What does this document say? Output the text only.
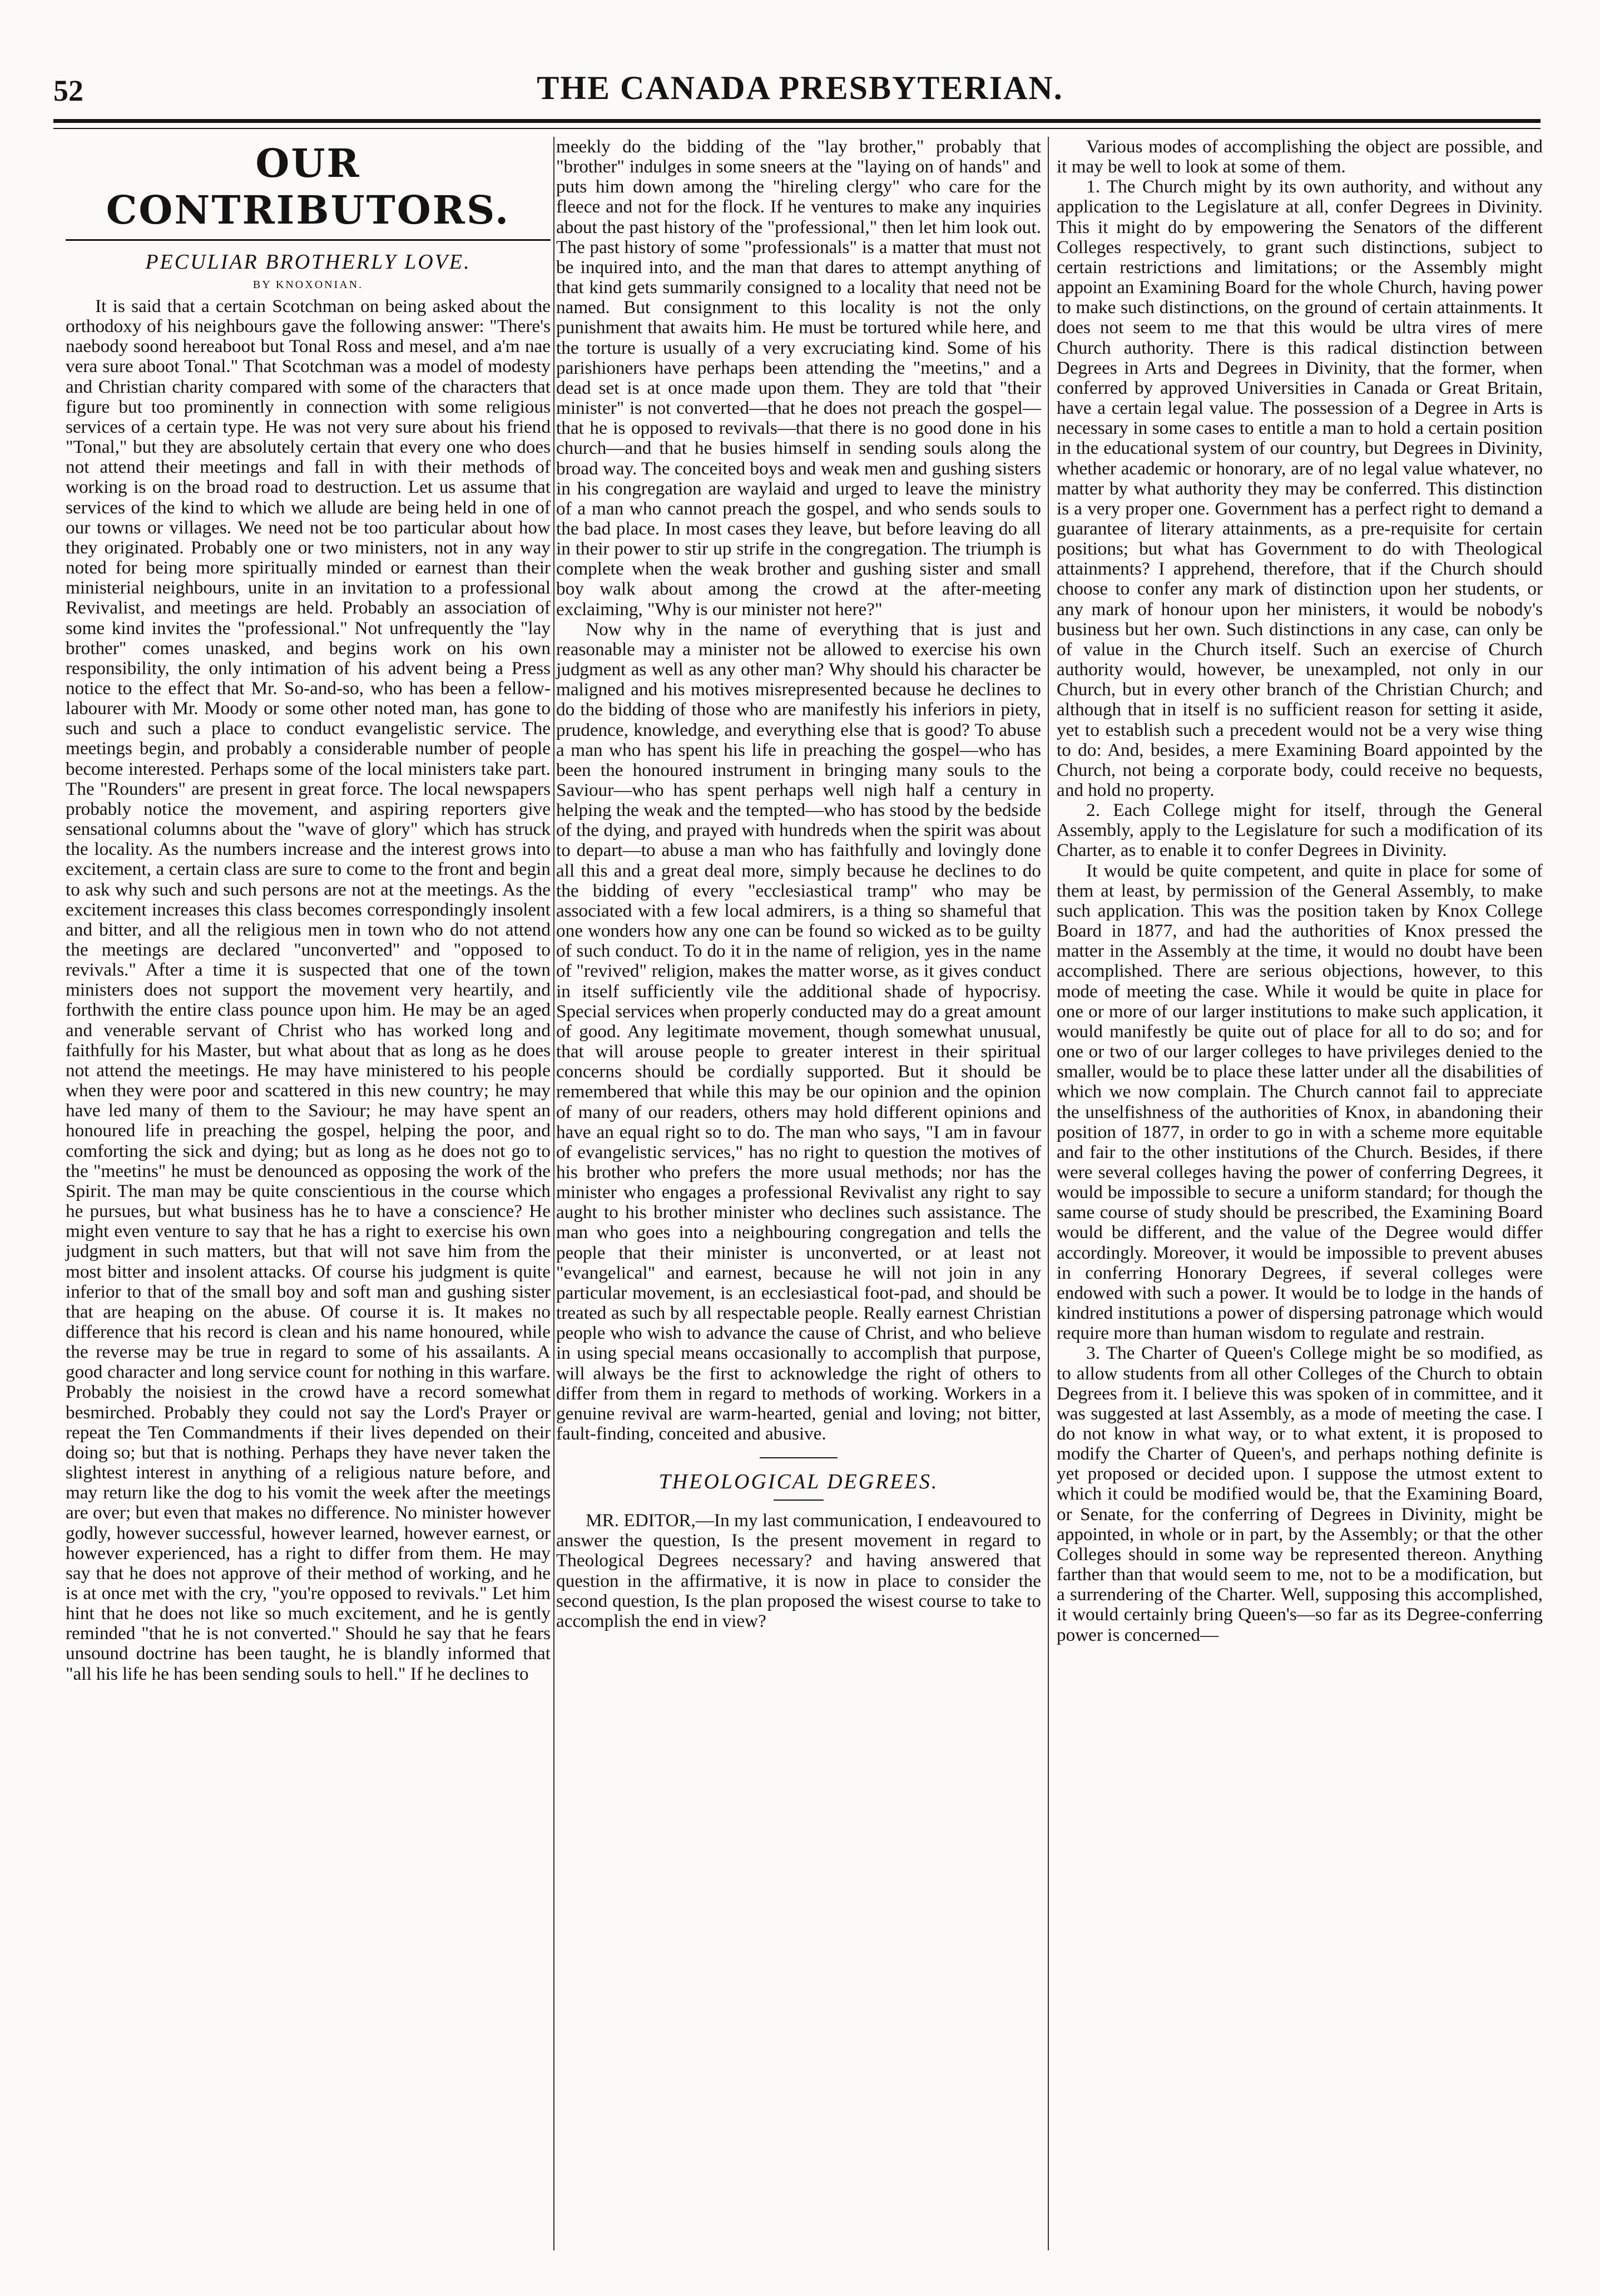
52	THE CANADA PRESBYTERIAN.
OUR CONTRIBUTORS.
PECULIAR BROTHERLY LOVE.
BY KNOXONIAN.

It is said that a certain Scotchman on being asked about the orthodoxy of his neighbours gave the following answer: "There's naebody soond hereaboot but Tonal Ross and mesel, and a'm nae vera sure aboot Tonal." That Scotchman was a model of modesty and Christian charity compared with some of the characters that figure but too prominently in connection with some religious services of a certain type. He was not very sure about his friend "Tonal," but they are absolutely certain that every one who does not attend their meetings and fall in with their methods of working is on the broad road to destruction. Let us assume that services of the kind to which we allude are being held in one of our towns or villages. We need not be too particular about how they originated. Probably one or two ministers, not in any way noted for being more spiritually minded or earnest than their ministerial neighbours, unite in an invitation to a professional Revivalist, and meetings are held. Probably an association of some kind invites the "professional." Not unfrequently the "lay brother" comes unasked, and begins work on his own responsibility, the only intimation of his advent being a Press notice to the effect that Mr. So-and-so, who has been a fellow-labourer with Mr. Moody or some other noted man, has gone to such and such a place to conduct evangelistic service. The meetings begin, and probably a considerable number of people become interested. Perhaps some of the local ministers take part. The "Rounders" are present in great force. The local newspapers probably notice the movement, and aspiring reporters give sensational columns about the "wave of glory" which has struck the locality. As the numbers increase and the interest grows into excitement, a certain class are sure to come to the front and begin to ask why such and such persons are not at the meetings. As the excitement increases this class becomes correspondingly insolent and bitter, and all the religious men in town who do not attend the meetings are declared "unconverted" and "opposed to revivals." After a time it is suspected that one of the town ministers does not support the movement very heartily, and forthwith the entire class pounce upon him. He may be an aged and venerable servant of Christ who has worked long and faithfully for his Master, but what about that as long as he does not attend the meetings. He may have ministered to his people when they were poor and scattered in this new country; he may have led many of them to the Saviour; he may have spent an honoured life in preaching the gospel, helping the poor, and comforting the sick and dying; but as long as he does not go to the "meetins" he must be denounced as opposing the work of the Spirit. The man may be quite conscientious in the course which he pursues, but what business has he to have a conscience? He might even venture to say that he has a right to exercise his own judgment in such matters, but that will not save him from the most bitter and insolent attacks. Of course his judgment is quite inferior to that of the small boy and soft man and gushing sister that are heaping on the abuse. Of course it is. It makes no difference that his record is clean and his name honoured, while the reverse may be true in regard to some of his assailants. A good character and long service count for nothing in this warfare. Probably the noisiest in the crowd have a record somewhat besmirched. Probably they could not say the Lord's Prayer or repeat the Ten Commandments if their lives depended on their doing so; but that is nothing. Perhaps they have never taken the slightest interest in anything of a religious nature before, and may return like the dog to his vomit the week after the meetings are over; but even that makes no difference. No minister however godly, however successful, however learned, however earnest, or however experienced, has a right to differ from them. He may say that he does not approve of their method of working, and he is at once met with the cry, "you're opposed to revivals." Let him hint that he does not like so much excitement, and he is gently reminded "that he is not converted." Should he say that he fears unsound doctrine has been taught, he is blandly informed that "all his life he has been sending souls to hell." If he declines to

meekly do the bidding of the "lay brother," probably that "brother" indulges in some sneers at the "laying on of hands" and puts him down among the "hireling clergy" who care for the fleece and not for the flock. If he ventures to make any inquiries about the past history of the "professional," then let him look out. The past history of some "professionals" is a matter that must not be inquired into, and the man that dares to attempt anything of that kind gets summarily consigned to a locality that need not be named. But consignment to this locality is not the only punishment that awaits him. He must be tortured while here, and the torture is usually of a very excruciating kind. Some of his parishioners have perhaps been attending the "meetins," and a dead set is at once made upon them. They are told that "their minister" is not converted—that he does not preach the gospel—that he is opposed to revivals—that there is no good done in his church—and that he busies himself in sending souls along the broad way. The conceited boys and weak men and gushing sisters in his congregation are waylaid and urged to leave the ministry of a man who cannot preach the gospel, and who sends souls to the bad place. In most cases they leave, but before leaving do all in their power to stir up strife in the congregation. The triumph is complete when the weak brother and gushing sister and small boy walk about among the crowd at the after-meeting exclaiming, "Why is our minister not here?"

Now why in the name of everything that is just and reasonable may a minister not be allowed to exercise his own judgment as well as any other man? Why should his character be maligned and his motives misrepresented because he declines to do the bidding of those who are manifestly his inferiors in piety, prudence, knowledge, and everything else that is good? To abuse a man who has spent his life in preaching the gospel—who has been the honoured instrument in bringing many souls to the Saviour—who has spent perhaps well nigh half a century in helping the weak and the tempted—who has stood by the bedside of the dying, and prayed with hundreds when the spirit was about to depart—to abuse a man who has faithfully and lovingly done all this and a great deal more, simply because he declines to do the bidding of every "ecclesiastical tramp" who may be associated with a few local admirers, is a thing so shameful that one wonders how any one can be found so wicked as to be guilty of such conduct. To do it in the name of religion, yes in the name of "revived" religion, makes the matter worse, as it gives conduct in itself sufficiently vile the additional shade of hypocrisy. Special services when properly conducted may do a great amount of good. Any legitimate movement, though somewhat unusual, that will arouse people to greater interest in their spiritual concerns should be cordially supported. But it should be remembered that while this may be our opinion and the opinion of many of our readers, others may hold different opinions and have an equal right so to do. The man who says, "I am in favour of evangelistic services," has no right to question the motives of his brother who prefers the more usual methods; nor has the minister who engages a professional Revivalist any right to say aught to his brother minister who declines such assistance. The man who goes into a neighbouring congregation and tells the people that their minister is unconverted, or at least not "evangelical" and earnest, because he will not join in any particular movement, is an ecclesiastical foot-pad, and should be treated as such by all respectable people. Really earnest Christian people who wish to advance the cause of Christ, and who believe in using special means occasionally to accomplish that purpose, will always be the first to acknowledge the right of others to differ from them in regard to methods of working. Workers in a genuine revival are warm-hearted, genial and loving; not bitter, fault-finding, conceited and abusive.

THEOLOGICAL DEGREES.

MR. EDITOR,—In my last communication, I endeavoured to answer the question, Is the present movement in regard to Theological Degrees necessary? and having answered that question in the affirmative, it is now in place to consider the second question, Is the plan proposed the wisest course to take to accomplish the end in view?

Various modes of accomplishing the object are possible, and it may be well to look at some of them.

1. The Church might by its own authority, and without any application to the Legislature at all, confer Degrees in Divinity. This it might do by empowering the Senators of the different Colleges respectively, to grant such distinctions, subject to certain restrictions and limitations; or the Assembly might appoint an Examining Board for the whole Church, having power to make such distinctions, on the ground of certain attainments. It does not seem to me that this would be ultra vires of mere Church authority. There is this radical distinction between Degrees in Arts and Degrees in Divinity, that the former, when conferred by approved Universities in Canada or Great Britain, have a certain legal value. The possession of a Degree in Arts is necessary in some cases to entitle a man to hold a certain position in the educational system of our country, but Degrees in Divinity, whether academic or honorary, are of no legal value whatever, no matter by what authority they may be conferred. This distinction is a very proper one. Government has a perfect right to demand a guarantee of literary attainments, as a pre-requisite for certain positions; but what has Government to do with Theological attainments? I apprehend, therefore, that if the Church should choose to confer any mark of distinction upon her students, or any mark of honour upon her ministers, it would be nobody's business but her own. Such distinctions in any case, can only be of value in the Church itself. Such an exercise of Church authority would, however, be unexampled, not only in our Church, but in every other branch of the Christian Church; and although that in itself is no sufficient reason for setting it aside, yet to establish such a precedent would not be a very wise thing to do: And, besides, a mere Examining Board appointed by the Church, not being a corporate body, could receive no bequests, and hold no property.

2. Each College might for itself, through the General Assembly, apply to the Legislature for such a modification of its Charter, as to enable it to confer Degrees in Divinity.

It would be quite competent, and quite in place for some of them at least, by permission of the General Assembly, to make such application. This was the position taken by Knox College Board in 1877, and had the authorities of Knox pressed the matter in the Assembly at the time, it would no doubt have been accomplished. There are serious objections, however, to this mode of meeting the case. While it would be quite in place for one or more of our larger institutions to make such application, it would manifestly be quite out of place for all to do so; and for one or two of our larger colleges to have privileges denied to the smaller, would be to place these latter under all the disabilities of which we now complain. The Church cannot fail to appreciate the unselfishness of the authorities of Knox, in abandoning their position of 1877, in order to go in with a scheme more equitable and fair to the other institutions of the Church. Besides, if there were several colleges having the power of conferring Degrees, it would be impossible to secure a uniform standard; for though the same course of study should be prescribed, the Examining Board would be different, and the value of the Degree would differ accordingly. Moreover, it would be impossible to prevent abuses in conferring Honorary Degrees, if several colleges were endowed with such a power. It would be to lodge in the hands of kindred institutions a power of dispersing patronage which would require more than human wisdom to regulate and restrain.

3. The Charter of Queen's College might be so modified, as to allow students from all other Colleges of the Church to obtain Degrees from it. I believe this was spoken of in committee, and it was suggested at last Assembly, as a mode of meeting the case. I do not know in what way, or to what extent, it is proposed to modify the Charter of Queen's, and perhaps nothing definite is yet proposed or decided upon. I suppose the utmost extent to which it could be modified would be, that the Examining Board, or Senate, for the conferring of Degrees in Divinity, might be appointed, in whole or in part, by the Assembly; or that the other Colleges should in some way be represented thereon. Anything farther than that would seem to me, not to be a modification, but a surrendering of the Charter. Well, supposing this accomplished, it would certainly bring Queen's—so far as its Degree-conferring power is concerned—
